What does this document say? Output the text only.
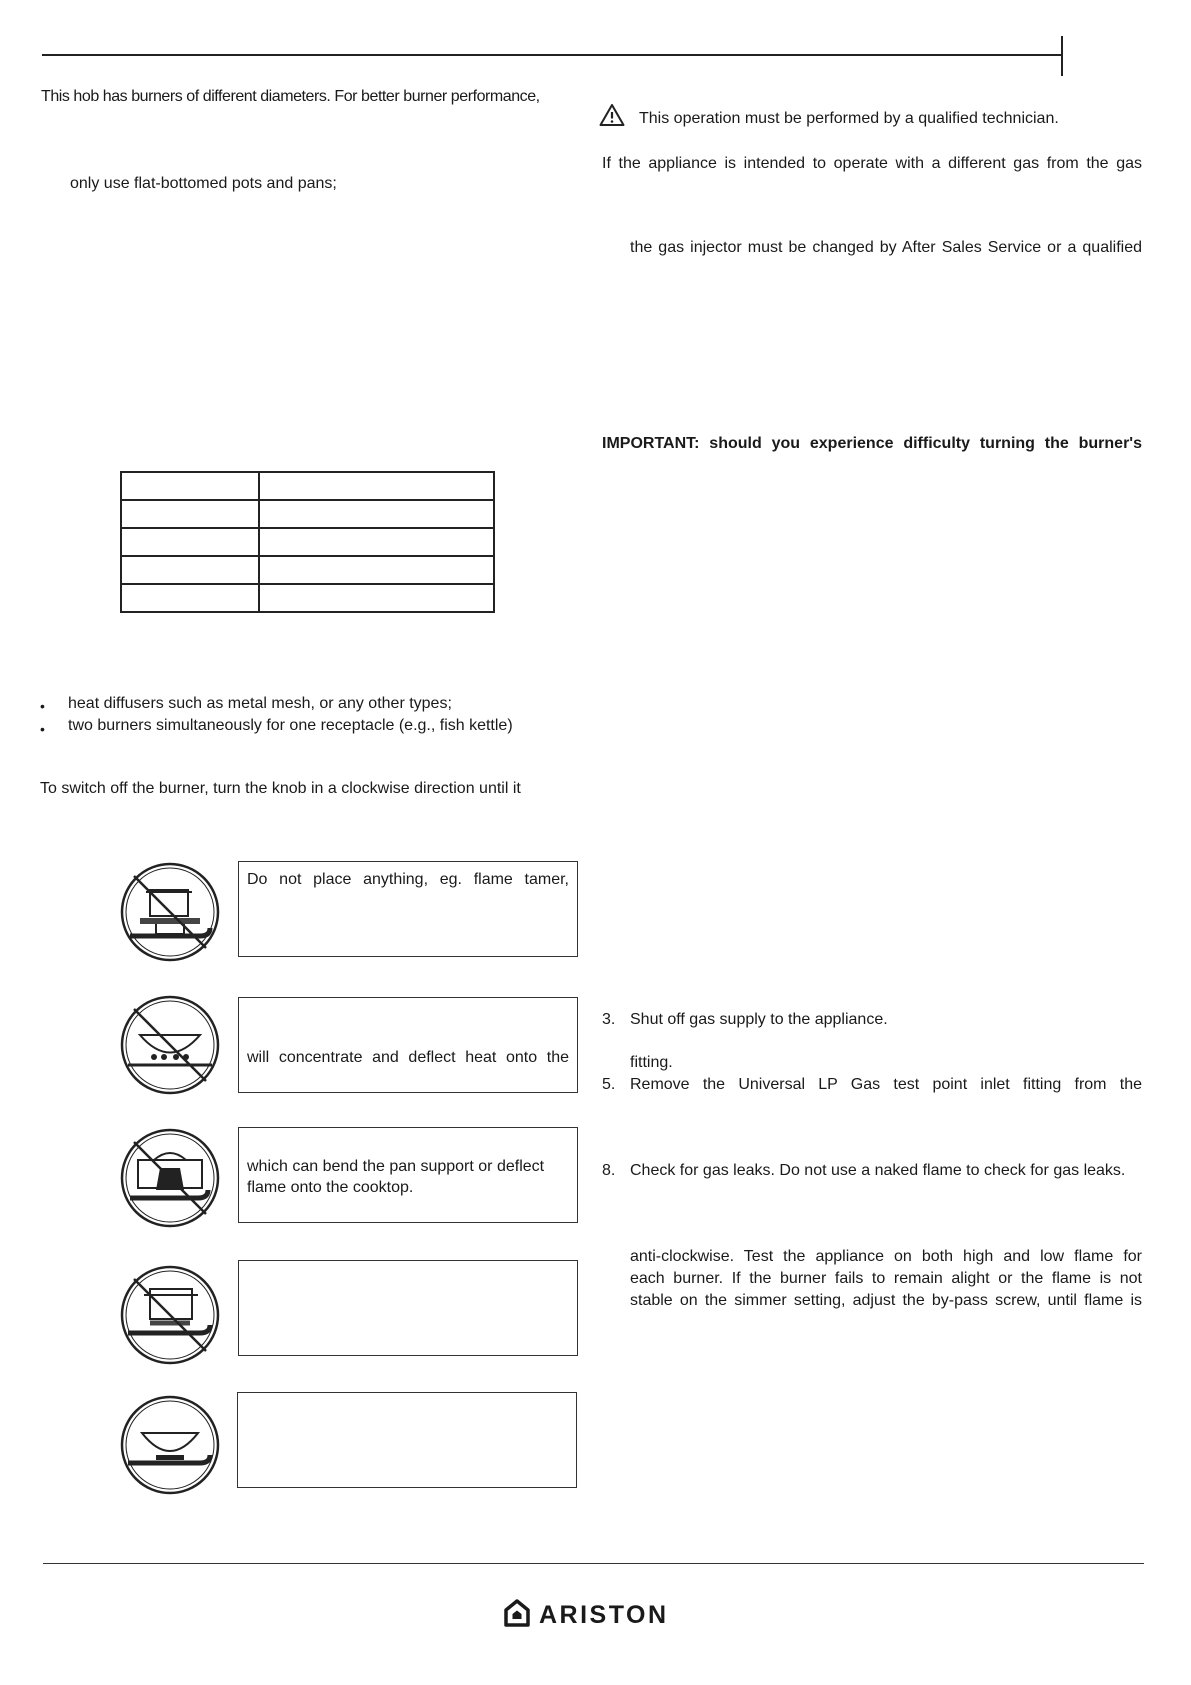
This hob has burners of different diameters. For better burner performance,
only use flat-bottomed pots and pans;

• heat diffusers such as metal mesh, or any other types;
• two burners simultaneously for one receptacle (e.g., fish kettle)
To switch off the burner, turn the knob in a clockwise direction until it
Do not place anything, eg. flame tamer,
will concentrate and deflect heat onto the
which can bend the pan support or deflect
flame onto the cooktop.
This operation must be performed by a qualified technician.
If the appliance is intended to operate with a different gas from the gas
the gas injector must be changed by After Sales Service or a qualified
IMPORTANT: should you experience difficulty turning the burner's
3. Shut off gas supply to the appliance.
fitting.
5. Remove the Universal LP Gas test point inlet fitting from the
8. Check for gas leaks. Do not use a naked flame to check for gas leaks.
anti-clockwise. Test the appliance on both high and low flame for
each burner. If the burner fails to remain alight or the flame is not
stable on the simmer setting, adjust the by-pass screw, until flame is
ARISTON
